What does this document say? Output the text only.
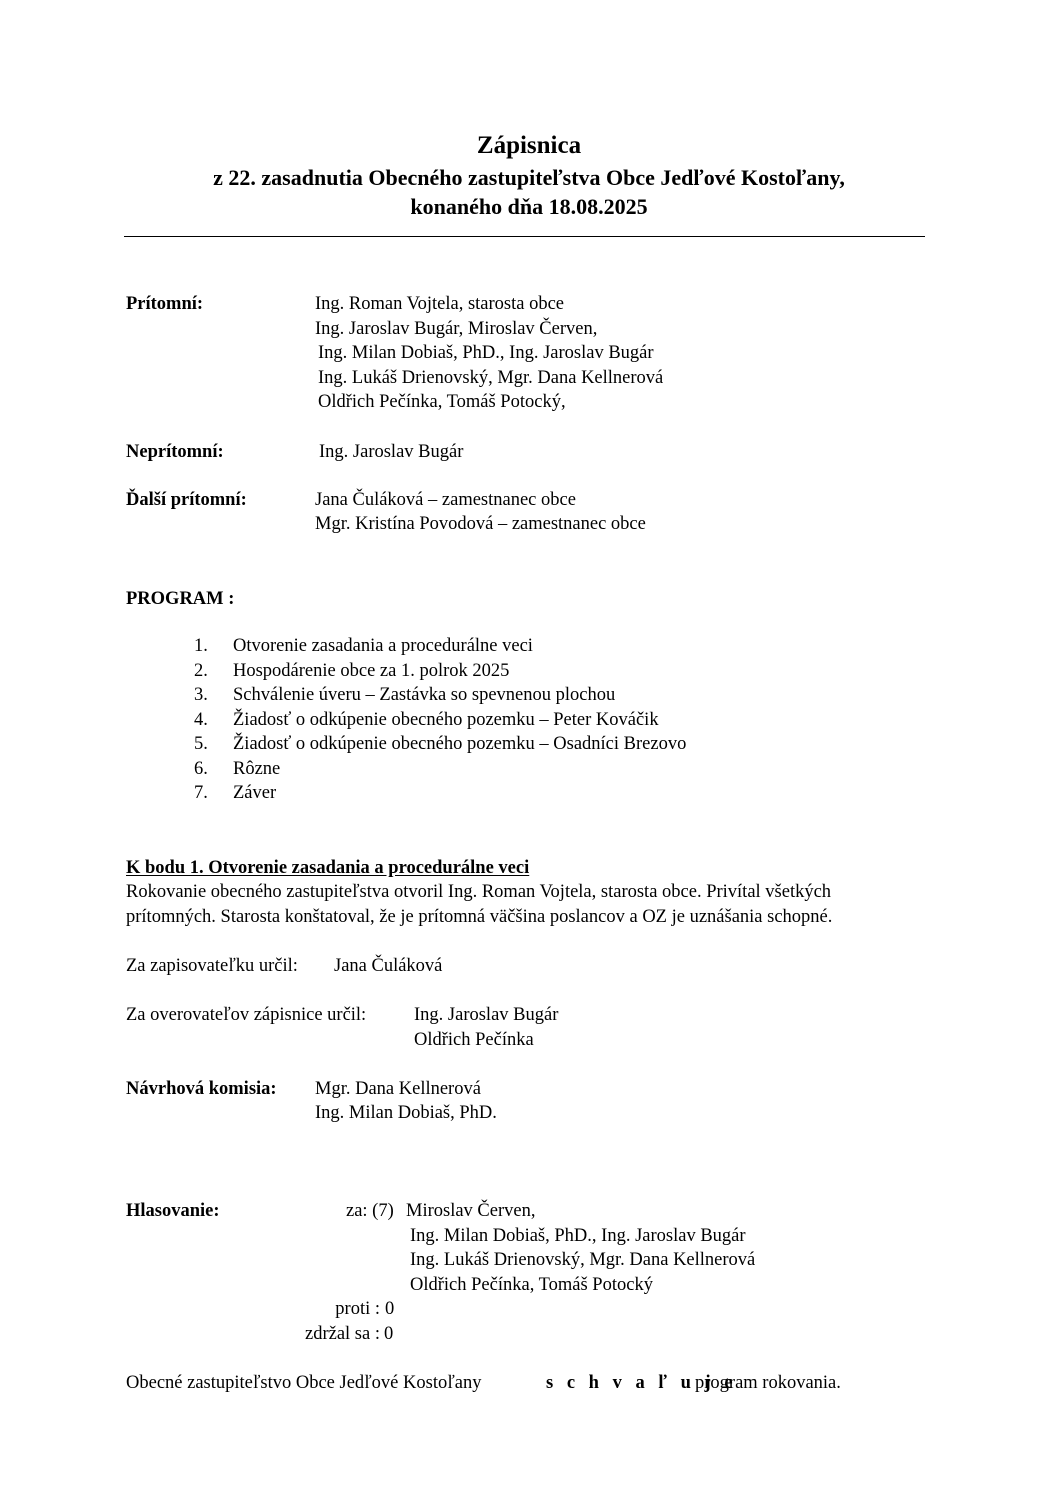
Zápisnica
z 22. zasadnutia Obecného zastupiteľstva Obce Jedľové Kostoľany,
konaného dňa 18.08.2025
Prítomní:	Ing. Roman Vojtela, starosta obce
Ing. Jaroslav Bugár, Miroslav Červen,
Ing. Milan Dobiaš, PhD., Ing. Jaroslav Bugár
Ing. Lukáš Drienovský, Mgr. Dana Kellnerová
Oldřich Pečínka, Tomáš Potocký,
Neprítomní:	Ing. Jaroslav Bugár
Ďalší prítomní:	Jana Čuláková – zamestnanec obce
Mgr. Kristína Povodová – zamestnanec obce
PROGRAM :
1. Otvorenie zasadania a procedurálne veci
2. Hospodárenie obce za 1. polrok 2025
3. Schválenie úveru – Zastávka so spevnenou plochou
4. Žiadosť o odkúpenie obecného pozemku – Peter Kováčik
5. Žiadosť o odkúpenie obecného pozemku – Osadníci Brezovo
6. Rôzne
7. Záver
K bodu 1. Otvorenie zasadania a procedurálne veci
Rokovanie obecného zastupiteľstva otvoril Ing. Roman Vojtela, starosta obce. Privítal všetkých
prítomných. Starosta konštatoval, že je prítomná väčšina poslancov a OZ je uznášania schopné.
Za zapisovateľku určil: Jana Čuláková
Za overovateľov zápisnice určil:	Ing. Jaroslav Bugár
Oldřich Pečínka
Návrhová komisia: Mgr. Dana Kellnerová
Ing. Milan Dobiaš, PhD.
Hlasovanie:	za: (7) Miroslav Červen,
Ing. Milan Dobiaš, PhD., Ing. Jaroslav Bugár
Ing. Lukáš Drienovský, Mgr. Dana Kellnerová
Oldřich Pečínka, Tomáš Potocký
proti : 0
zdržal sa : 0
Obecné zastupiteľstvo Obce Jedľové Kostoľany	s c h v a ľ u j e
program rokovania.
